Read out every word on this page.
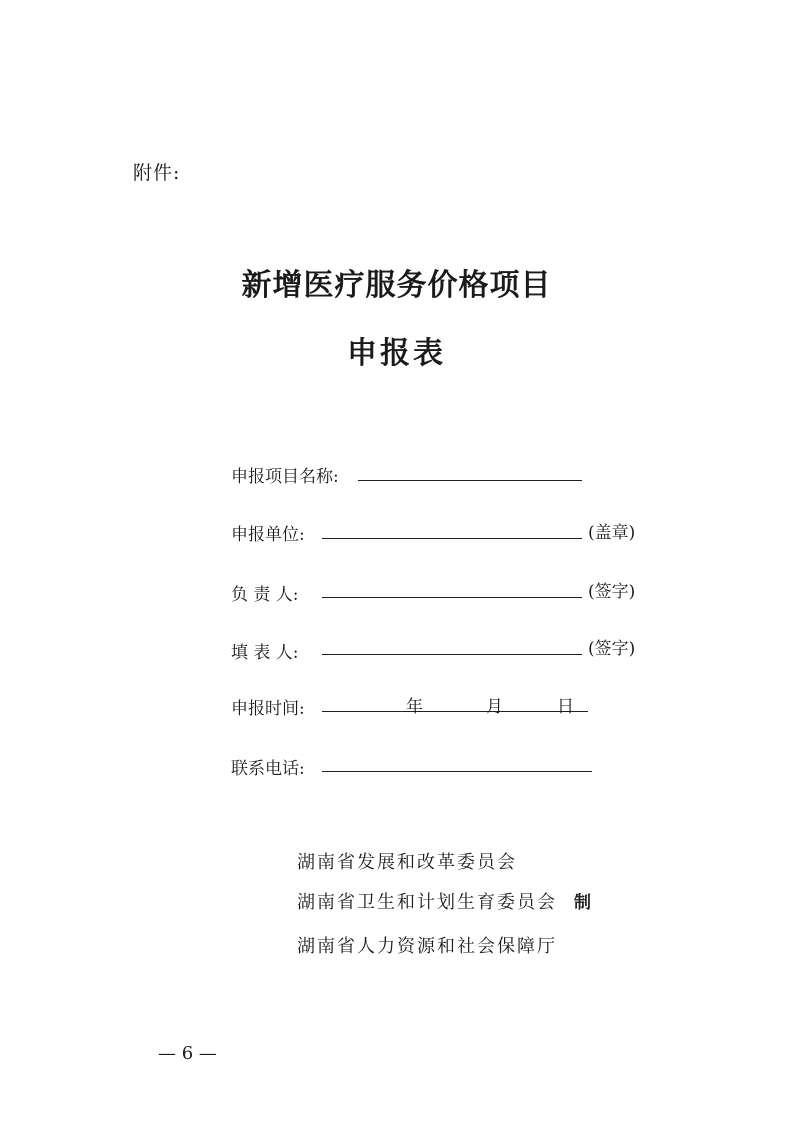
附件:
新增医疗服务价格项目
申报表
申报项目名称:
申报单位:	(盖章)
负 责 人:	(签字)
填 表 人:	(签字)
申报时间:	年	月	日
联系电话:
湖南省发展和改革委员会
湖南省卫生和计划生育委员会 制
湖南省人力资源和社会保障厅
— 6 —
